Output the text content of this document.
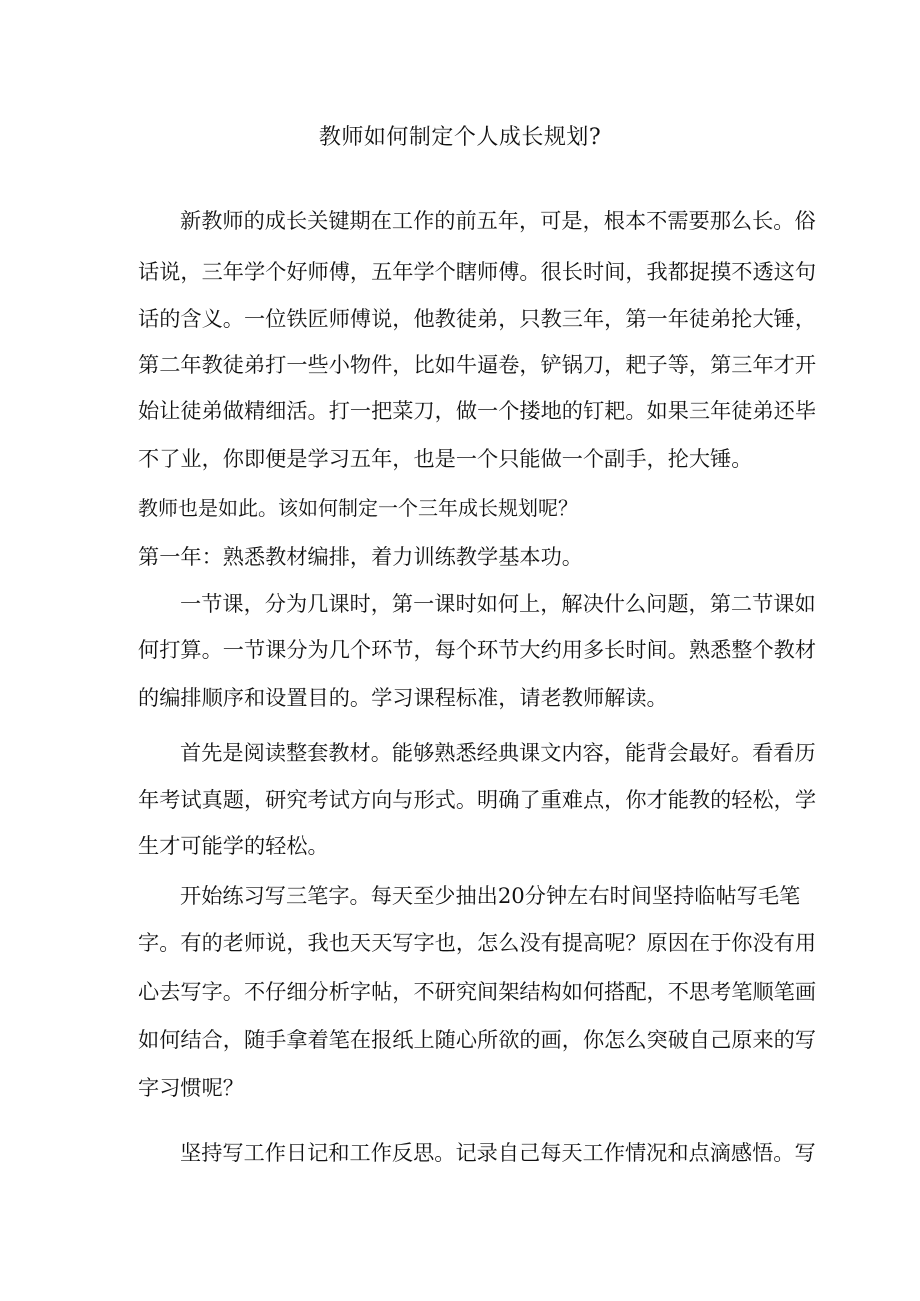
教师如何制定个人成长规划?
新教师的成长关键期在工作的前五年，可是，根本不需要那么长。俗
话说，三年学个好师傅，五年学个瞎师傅。很长时间，我都捉摸不透这句
话的含义。一位铁匠师傅说，他教徒弟，只教三年，第一年徒弟抡大锤，
第二年教徒弟打一些小物件，比如牛逼卷，铲锅刀，耙子等，第三年才开
始让徒弟做精细活。打一把菜刀，做一个搂地的钉耙。如果三年徒弟还毕
不了业，你即便是学习五年，也是一个只能做一个副手，抡大锤。
教师也是如此。该如何制定一个三年成长规划呢？
第一年：熟悉教材编排，着力训练教学基本功。
一节课，分为几课时，第一课时如何上，解决什么问题，第二节课如
何打算。一节课分为几个环节，每个环节大约用多长时间。熟悉整个教材
的编排顺序和设置目的。学习课程标准，请老教师解读。
首先是阅读整套教材。能够熟悉经典课文内容，能背会最好。看看历
年考试真题，研究考试方向与形式。明确了重难点，你才能教的轻松，学
生才可能学的轻松。
开始练习写三笔字。每天至少抽出20分钟左右时间坚持临帖写毛笔
字。有的老师说，我也天天写字也，怎么没有提高呢？原因在于你没有用
心去写字。不仔细分析字帖，不研究间架结构如何搭配，不思考笔顺笔画
如何结合，随手拿着笔在报纸上随心所欲的画，你怎么突破自己原来的写
字习惯呢？
坚持写工作日记和工作反思。记录自己每天工作情况和点滴感悟。写
